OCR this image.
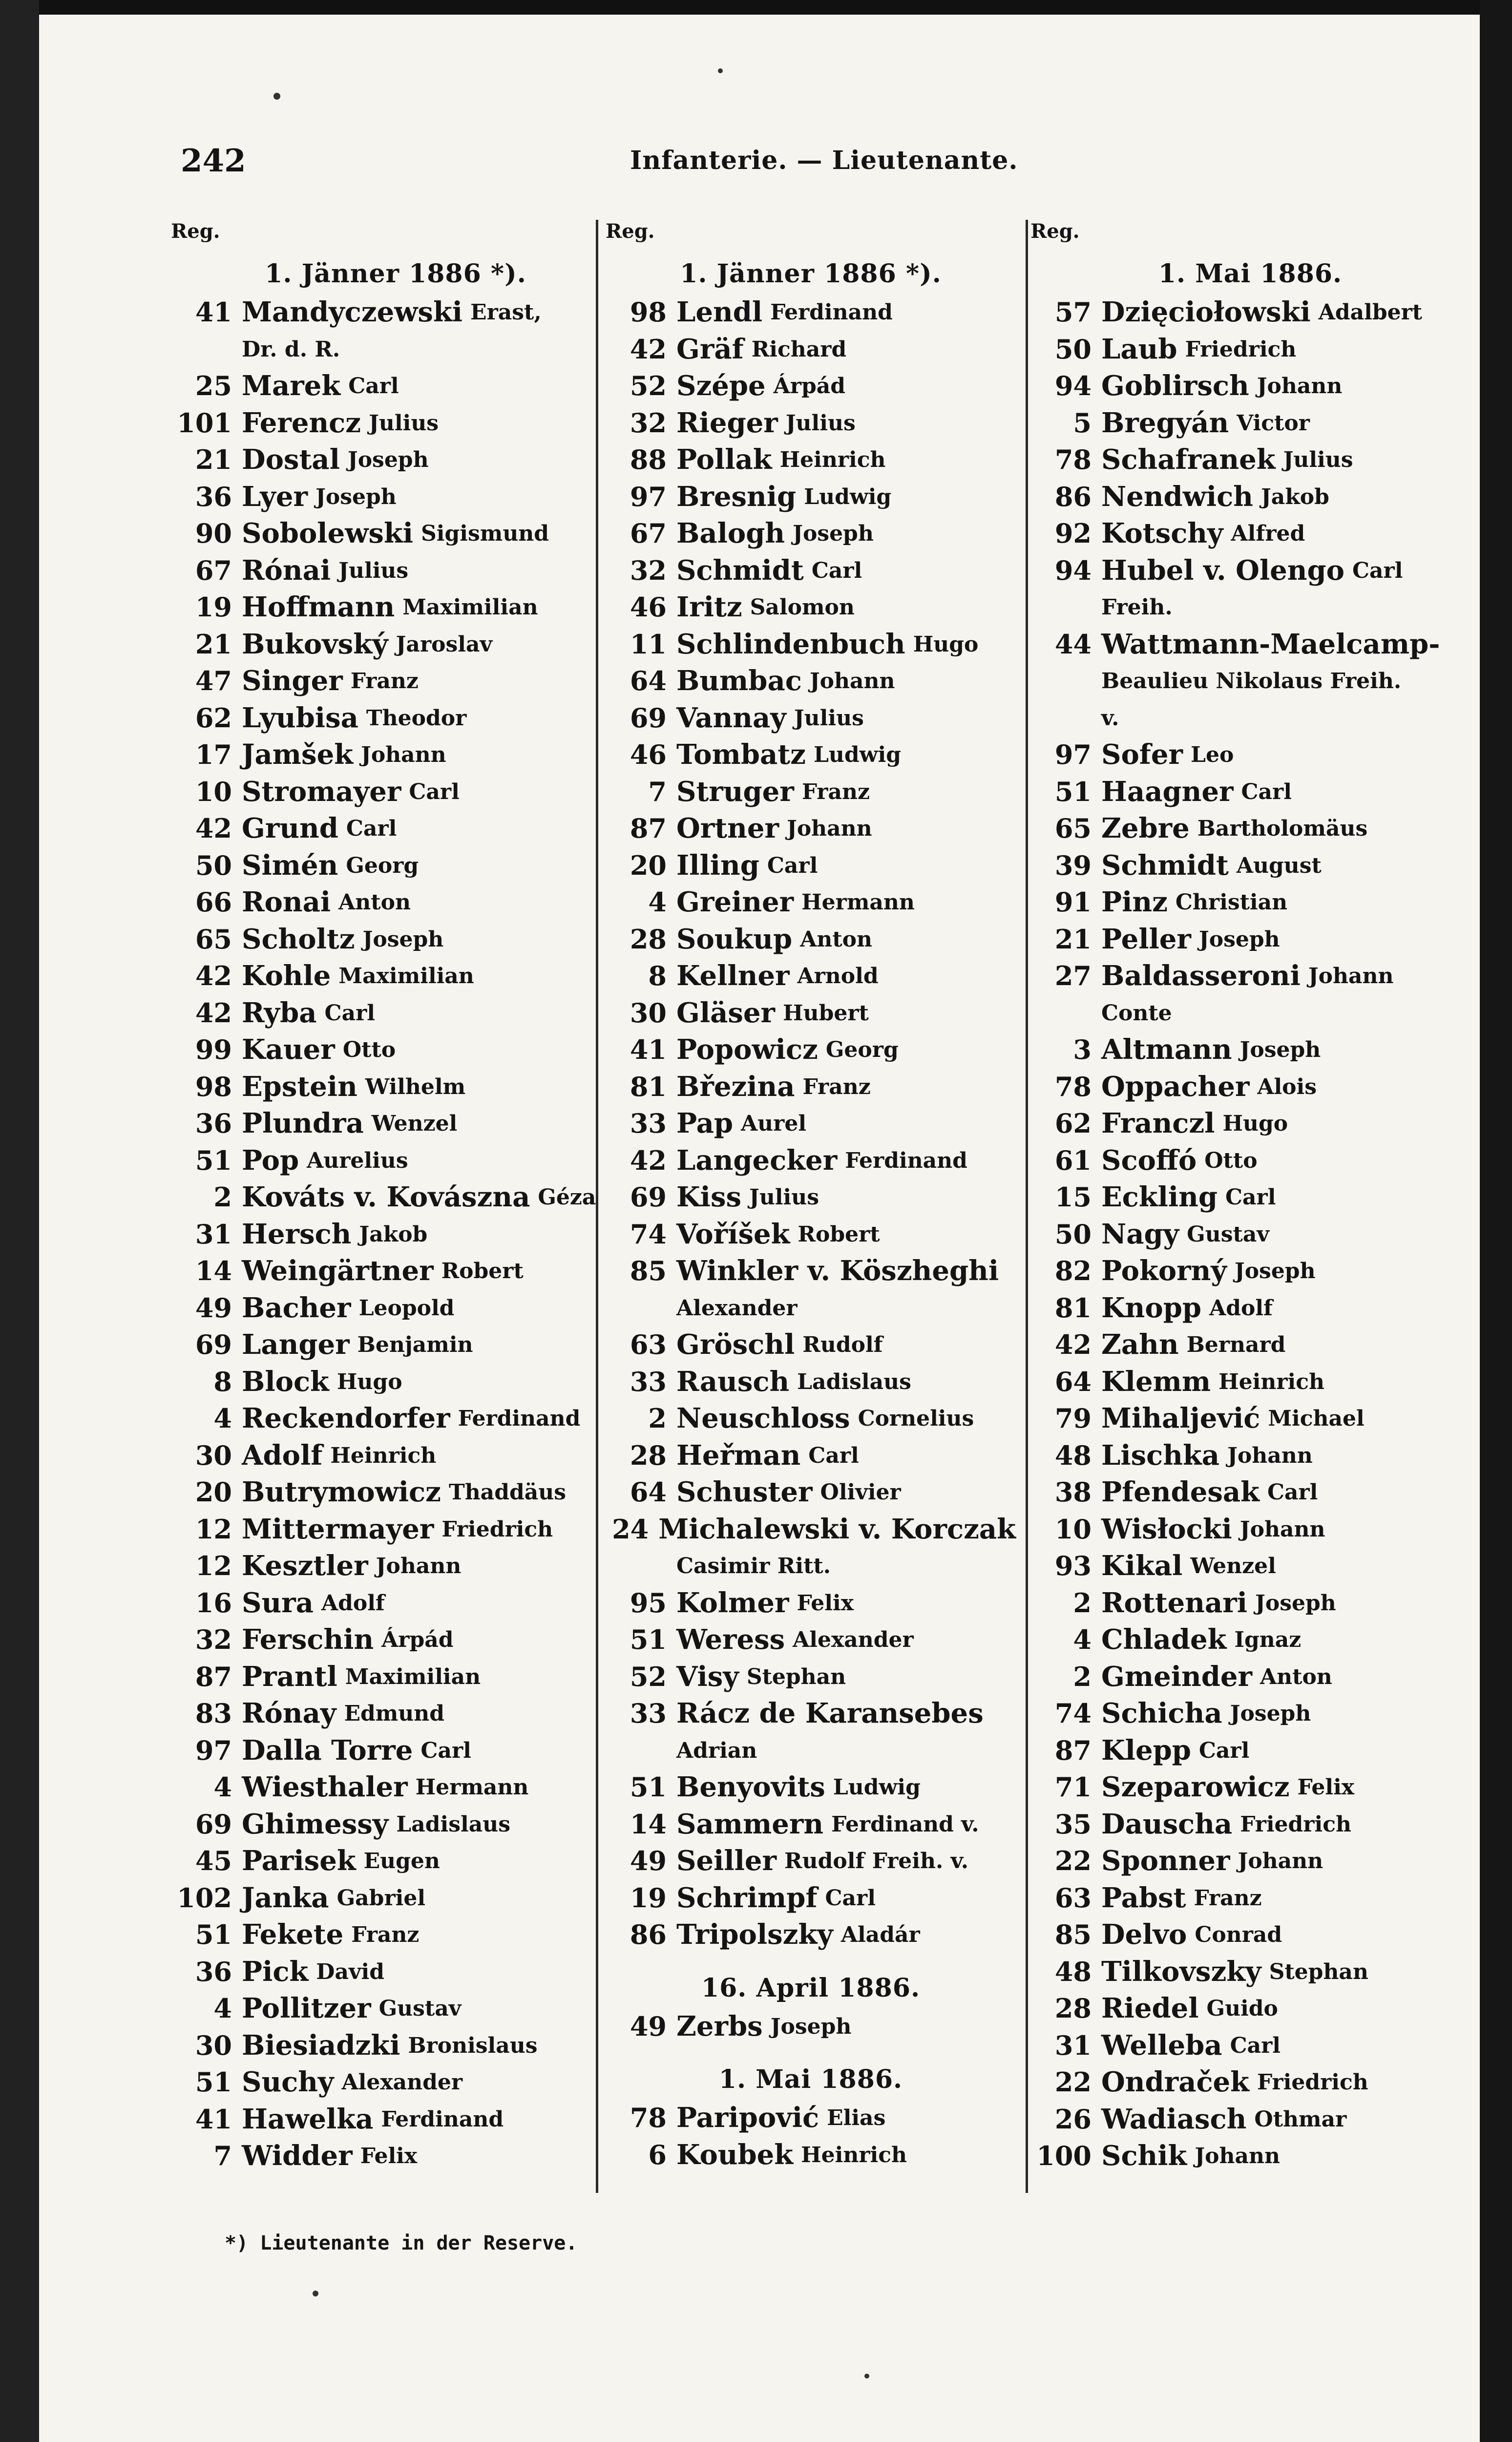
242	Infanterie. — Lieutenante.
Reg.
1. Jänner 1886 *).
41 Mandyczewski Erast,
Dr. d. R.
25 Marek Carl
101 Ferencz Julius
21 Dostal Joseph
36 Lyer Joseph
90 Sobolewski Sigismund
67 Rónai Julius
19 Hoffmann Maximilian
21 Bukovský Jaroslav
47 Singer Franz
62 Lyubisa Theodor
17 Jamšek Johann
10 Stromayer Carl
42 Grund Carl
50 Simén Georg
66 Ronai Anton
65 Scholtz Joseph
42 Kohle Maximilian
42 Ryba Carl
99 Kauer Otto
98 Epstein Wilhelm
36 Plundra Wenzel
51 Pop Aurelius
2 Kováts v. Kovászna Géza
31 Hersch Jakob
14 Weingärtner Robert
49 Bacher Leopold
69 Langer Benjamin
8 Block Hugo
4 Reckendorfer Ferdinand
30 Adolf Heinrich
20 Butrymowicz Thaddäus
12 Mittermayer Friedrich
12 Kesztler Johann
16 Sura Adolf
32 Ferschin Árpád
87 Prantl Maximilian
83 Rónay Edmund
97 Dalla Torre Carl
4 Wiesthaler Hermann
69 Ghimessy Ladislaus
45 Parisek Eugen
102 Janka Gabriel
51 Fekete Franz
36 Pick David
4 Pollitzer Gustav
30 Biesiadzki Bronislaus
51 Suchy Alexander
41 Hawelka Ferdinand
7 Widder Felix
Reg.
1. Jänner 1886 *).
98 Lendl Ferdinand
42 Gräf Richard
52 Szépe Árpád
32 Rieger Julius
88 Pollak Heinrich
97 Bresnig Ludwig
67 Balogh Joseph
32 Schmidt Carl
46 Iritz Salomon
11 Schlindenbuch Hugo
64 Bumbac Johann
69 Vannay Julius
46 Tombatz Ludwig
7 Struger Franz
87 Ortner Johann
20 Illing Carl
4 Greiner Hermann
28 Soukup Anton
8 Kellner Arnold
30 Gläser Hubert
41 Popowicz Georg
81 Březina Franz
33 Pap Aurel
42 Langecker Ferdinand
69 Kiss Julius
74 Voříšek Robert
85 Winkler v. Köszheghi
Alexander
63 Gröschl Rudolf
33 Rausch Ladislaus
2 Neuschloss Cornelius
28 Heřman Carl
64 Schuster Olivier
24 Michalewski v. Korczak
Casimir Ritt.
95 Kolmer Felix
51 Weress Alexander
52 Visy Stephan
33 Rácz de Karansebes
Adrian
51 Benyovits Ludwig
14 Sammern Ferdinand v.
49 Seiller Rudolf Freih. v.
19 Schrimpf Carl
86 Tripolszky Aladár
16. April 1886.
49 Zerbs Joseph
1. Mai 1886.
78 Paripović Elias
6 Koubek Heinrich
Reg.
1. Mai 1886.
57 Dzięciołowski Adalbert
50 Laub Friedrich
94 Goblirsch Johann
5 Bregyán Victor
78 Schafranek Julius
86 Nendwich Jakob
92 Kotschy Alfred
94 Hubel v. Olengo Carl
Freih.
44 Wattmann-Maelcamp-
Beaulieu Nikolaus Freih.
v.
97 Sofer Leo
51 Haagner Carl
65 Zebre Bartholomäus
39 Schmidt August
91 Pinz Christian
21 Peller Joseph
27 Baldasseroni Johann
Conte
3 Altmann Joseph
78 Oppacher Alois
62 Franczl Hugo
61 Scoffó Otto
15 Eckling Carl
50 Nagy Gustav
82 Pokorný Joseph
81 Knopp Adolf
42 Zahn Bernard
64 Klemm Heinrich
79 Mihaljević Michael
48 Lischka Johann
38 Pfendesak Carl
10 Wisłocki Johann
93 Kikal Wenzel
2 Rottenari Joseph
4 Chladek Ignaz
2 Gmeinder Anton
74 Schicha Joseph
87 Klepp Carl
71 Szeparowicz Felix
35 Dauscha Friedrich
22 Sponner Johann
63 Pabst Franz
85 Delvo Conrad
48 Tilkovszky Stephan
28 Riedel Guido
31 Welleba Carl
22 Ondraček Friedrich
26 Wadiasch Othmar
100 Schik Johann
*) Lieutenante in der Reserve.
